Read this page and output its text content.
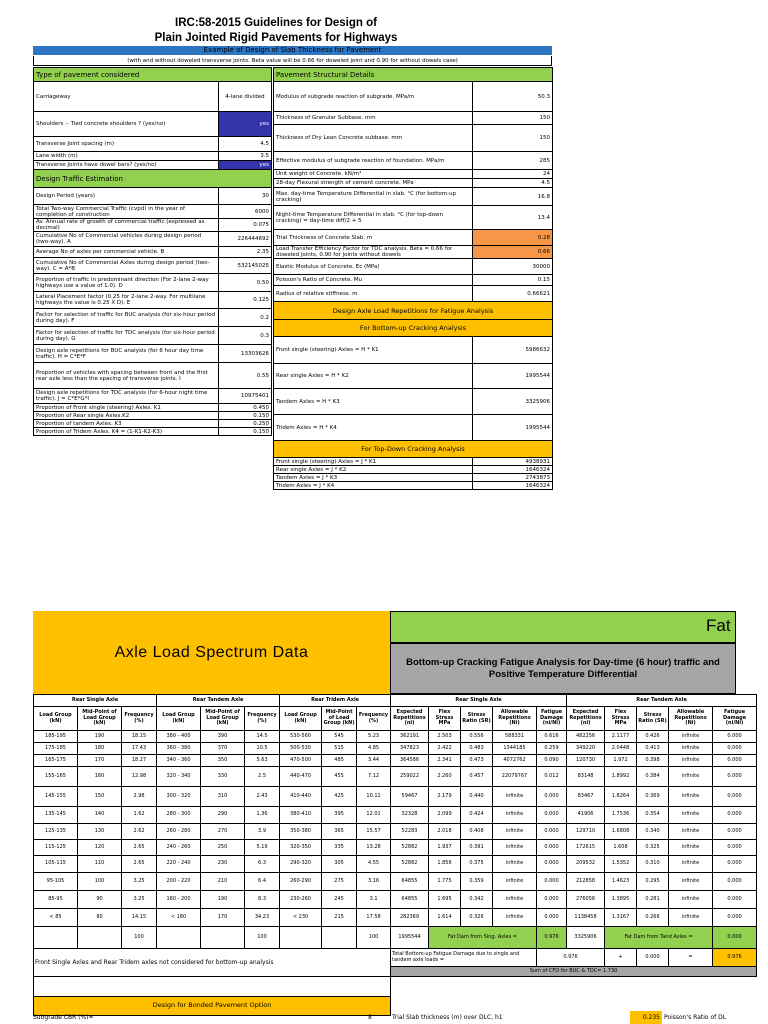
IRC:58-2015 Guidelines for Design of
Plain Jointed Rigid Pavements for Highways
Example of Design of Slab Thickness for Pavement
(with and without doweled transverse joints. Beta value will be 0.66 for doweled joint and 0.90 for without dowels case)
Type of pavement considered	
Carriageway	4-lane divided
Shoulders :- Tied concrete shoulders ? (yes/no)	yes
Transverse Joint spacing (m)	4.5
Lane width (m)	3.5
Transverse Joints have dowel bars? (yes/no)	yes
Design Traffic Estimation	
Design Period (years)	30
Total Two-way Commercial Traffic (cvpd) in the year of completion of construction	6000
Av. Annual rate of growth of commercial traffic (expressed as decimal)	0.075
Cumulative No of Commercial vehicles during design period (two-way). A	226444692
Average No of axles per commercial vehicle. B	2.35
Cumulative No of Commercial Axles during design period (two-way). C = A*B	532145025
Proportion of traffic in predominant direction (For 2-lane 2-way highways use a value of 1.0). D	0.50
Lateral Placement factor (0.25 for 2-lane 2-way. For multilane highways the value is 0.25 X D). E	0.125
Factor for selection of traffic for BUC analysis (for six-hour period during day). F	0.2
Factor for selection of traffic for TDC analysis (for six-hour period during day). G	0.3
Design axle repetitions for BUC analysis (for 6 hour day time traffic). H = C*E*F	13303626
Proportion of vehicles with spacing between front and the first rear axle less than the spacing of transverse joints. I	0.55
Design axle repetitions for TDC analysis (for 6-hour night time traffic). J = C*E*G*I	10975401
Proportion of Front single (steering) Axles. K1	0.450
Proportion of Rear single Axles.K2	0.150
Proportion of tandem Axles. K3	0.250
Proportion of Tridem Axles. K4 = (1-K1-K2-K3)	0.150
Pavement Structural Details	
Modulus of subgrade reaction of subgrade. MPa/m	50.3
Thickness of Granular Subbase. mm	150
Thickness of Dry Lean Concrete subbase. mm	150
Effective modulus of subgrade reaction of foundation. MPa/m	285
Unit weight of Concrete. kN/m³	24
28-day Flexural strength of cement concrete. MPa	4.5
Max. day-time Temperature Differential in slab. °C (for bottom-up cracking)	16.8
Night-time Temperature Differential in slab. °C (for top-down cracking) = day-time diff/2 + 5	13.4
Trial Thickness of Concrete Slab. m	0.28
Load Transfer Efficiency Factor for TDC analysis. Beta = 0.66 for doweled joints, 0.90 for joints without dowels	0.66
Elastic Modulus of Concrete. Ec (MPa)	30000
Poisson's Ratio of Concrete. Mu	0.15
Radius of relative stiffness. m	0.66621
Design Axle Load Repetitions for Fatigue Analysis	
For Bottom-up Cracking Analysis	
Front single (steering) Axles = H * K1	5986632
Rear single Axles = H * K2	1995544
Tandem Axles = H * K3	3325906
Tridem Axles = H * K4	1995544
For Top-Down Cracking Analysis	
Front single (steering) Axles = J * K1	4938931
Rear single Axles = J * K2	1646324
Tandem Axles = J * K3	2743873
Tridem Axles = J * K4	1646324
Axle Load Spectrum Data
Fat
Bottom-up Cracking Fatigue Analysis for Day-time (6 hour) traffic and Positive Temperature Differential
Rear Single Axle			Rear Tandem Axle			Rear Tridem Axle		
Load Group (kN)	Mid-Point of Load Group (kN)	Frequency (%)	Load Group (kN)	Mid-Point of Load Group (kN)	Frequency (%)	Load Group (kN)	Mid-Point of Load Group (kN)	Frequency (%)
185-195	190	18.15	380 - 400	390	14.5	530-560	545	5.23
175-185	180	17.43	360 - 380	370	10.5	500-530	515	4.85
165-175	170	18.27	340 - 360	350	5.63	470-500	485	3.44
155-165	160	12.98	320 - 340	330	2.5	440-470	455	7.12
145-155	150	2.98	300 - 320	310	2.43	410-440	425	10.11
135-145	140	1.62	280 - 300	290	1.36	380-410	395	12.01
125-135	130	2.62	260 - 280	270	3.9	350-380	365	15.57
115-125	120	2.65	240 - 260	250	5.19	320-350	335	13.28
105-115	110	2.65	220 - 240	230	6.3	290-320	305	4.55
95-105	100	3.25	200 - 220	210	6.4	260-290	275	3.16
85-95	90	3.25	180 - 200	190	8.3	230-260	245	3.1
< 85	80	14.15	< 180	170	34.23	< 230	215	17.58
		100			100			100
Front Single Axles and Rear Tridem axles not considered for bottom-up analysis								

Design for Bonded Pavement Option								
Rear Single Axle					Rear Tandem Axle				
Expected Repetitions (ni)	Flex Stress MPa	Stress Ratio (SR)	Allowable Repetitions (Ni)	Fatigue Damage (ni/Ni)	Expected Repetitions (ni)	Flex Stress MPa	Stress Ratio (SR)	Allowable Repetitions (Ni)	Fatigue Damage (ni/Ni)
362191	2.503	0.556	588331	0.616	482256	2.1177	0.426	infinite	0.000
347823	2.422	0.483	1344185	0.259	349220	2.0448	0.413	infinite	0.000
364586	2.341	0.473	4072762	0.090	120730	1.972	0.398	infinite	0.000
259022	2.260	0.457	22079767	0.012	83148	1.8992	0.384	infinite	0.000
59467	2.179	0.440	infinite	0.000	83467	1.8264	0.369	infinite	0.000
32328	2.099	0.424	infinite	0.000	41906	1.7536	0.354	infinite	0.000
52283	2.018	0.408	infinite	0.000	129710	1.6808	0.340	infinite	0.000
52882	1.937	0.391	infinite	0.000	172615	1.608	0.325	infinite	0.000
52882	1.856	0.375	infinite	0.000	209532	1.5352	0.310	infinite	0.000
64855	1.775	0.359	infinite	0.000	212858	1.4623	0.295	infinite	0.000
64855	1.695	0.342	infinite	0.000	276056	1.3895	0.281	infinite	0.000
282369	1.614	0.326	infinite	0.000	1138458	1.3167	0.266	infinite	0.000
1995544	Fat Dam from Sing. Axles =			0.976	3325906	Fat Dam from Tand Axles =			0.000
Total Bottom-up Fatigue Damage due to single and tandem axle loads =				0.976		+	0.000	=	0.976
Sum of CFD for BUC & TDC= 1.730									
Subgrade CBR (%)=	8	Trial Slab thickness (m) over DLC, h1	0.235 Poisson's Ratio of DL
